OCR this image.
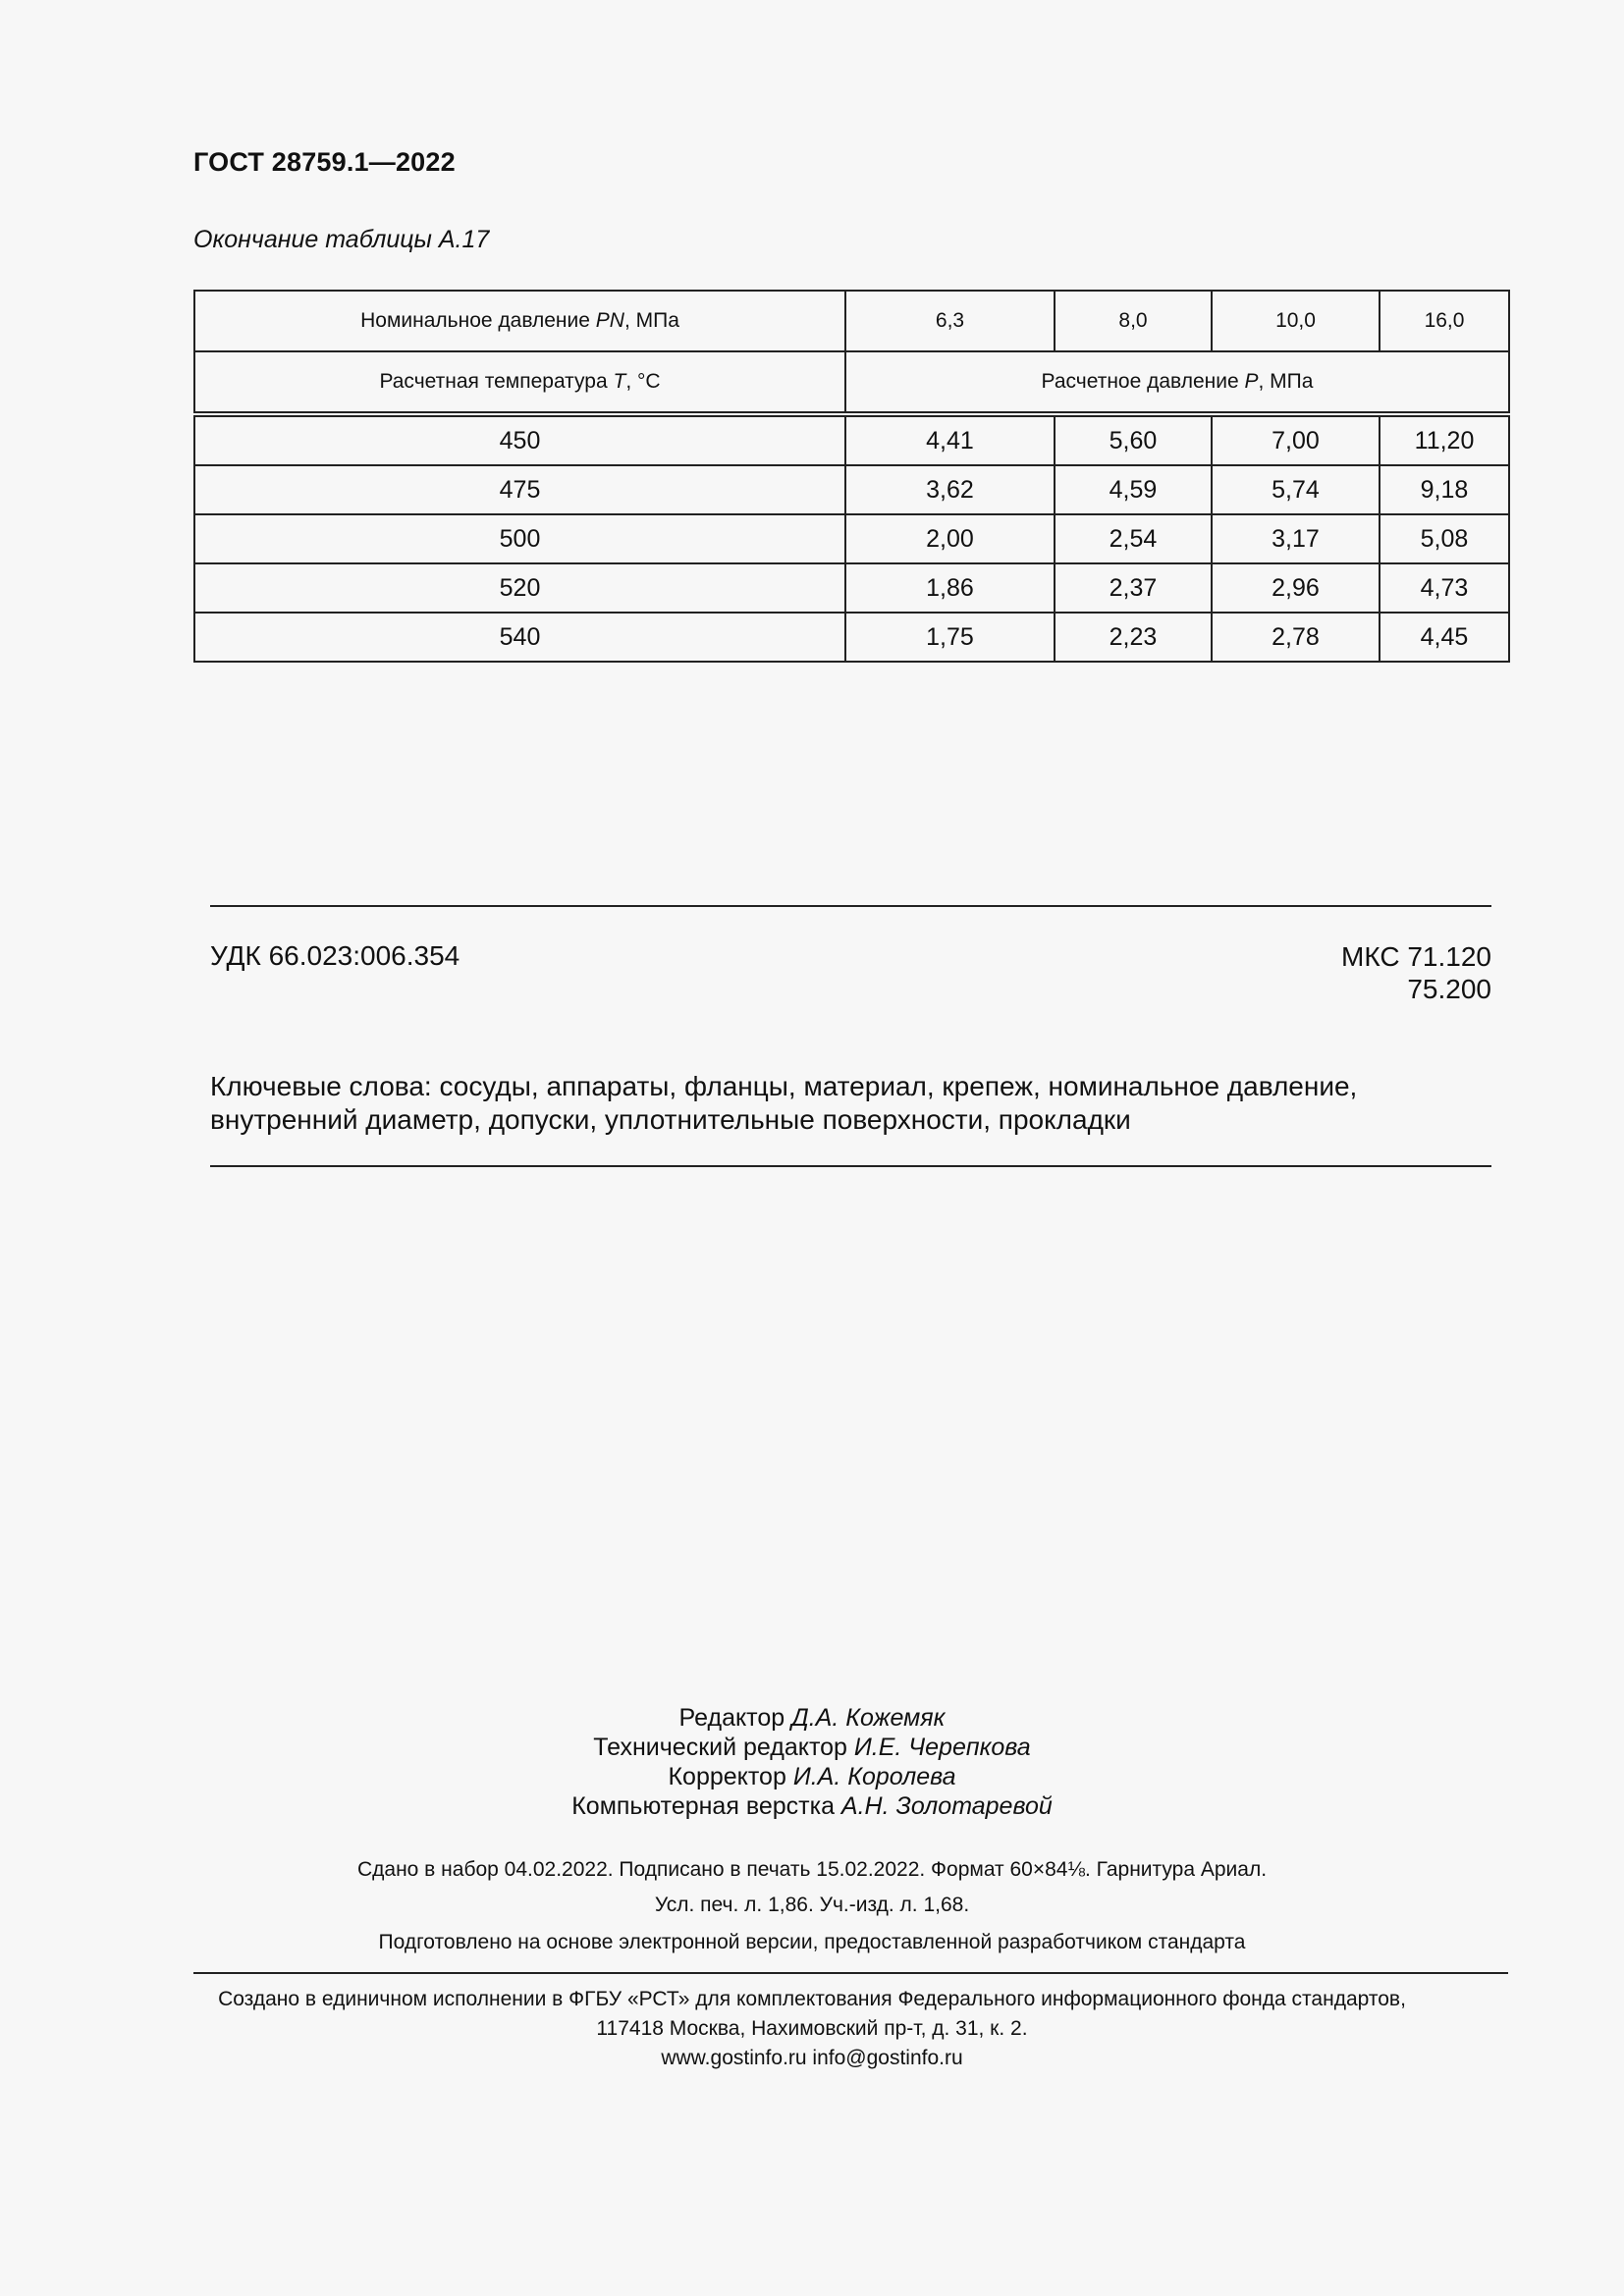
ГОСТ 28759.1—2022
Окончание таблицы А.17
Номинальное давление PN, МПа	6,3	8,0	10,0	16,0
Расчетная температура T, °С	Расчетное давление P, МПа			
450	4,41	5,60	7,00	11,20
475	3,62	4,59	5,74	9,18
500	2,00	2,54	3,17	5,08
520	1,86	2,37	2,96	4,73
540	1,75	2,23	2,78	4,45
УДК 66.023:006.354	МКС 71.120
75.200
Ключевые слова: сосуды, аппараты, фланцы, материал, крепеж, номинальное давление, внутренний диаметр, допуски, уплотнительные поверхности, прокладки
Редактор Д.А. Кожемяк
Технический редактор И.Е. Черепкова
Корректор И.А. Королева
Компьютерная верстка А.Н. Золотаревой
Сдано в набор 04.02.2022. Подписано в печать 15.02.2022. Формат 60×84⅛. Гарнитура Ариал.
Усл. печ. л. 1,86. Уч.-изд. л. 1,68.
Подготовлено на основе электронной версии, предоставленной разработчиком стандарта
Создано в единичном исполнении в ФГБУ «РСТ» для комплектования Федерального информационного фонда стандартов,
117418 Москва, Нахимовский пр-т, д. 31, к. 2.
www.gostinfo.ru info@gostinfo.ru
